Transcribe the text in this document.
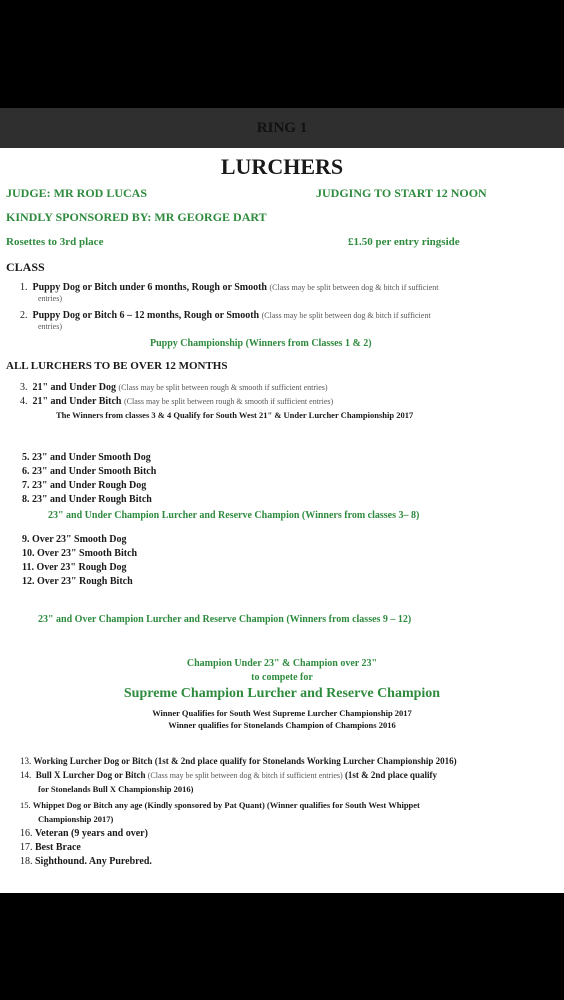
RING 1
LURCHERS
JUDGE: MR ROD LUCAS	JUDGING TO START 12 NOON
KINDLY SPONSORED BY: MR GEORGE DART
Rosettes to 3rd place	£1.50 per entry ringside
CLASS
1. Puppy Dog or Bitch under 6 months, Rough or Smooth (Class may be split between dog & bitch if sufficient
entries)
2. Puppy Dog or Bitch 6 – 12 months, Rough or Smooth (Class may be split between dog & bitch if sufficient
entries)
Puppy Championship (Winners from Classes 1 & 2)
ALL LURCHERS TO BE OVER 12 MONTHS
3. 21" and Under Dog (Class may be split between rough & smooth if sufficient entries)
4. 21" and Under Bitch (Class may be split between rough & smooth if sufficient entries)
The Winners from classes 3 & 4 Qualify for South West 21" & Under Lurcher Championship 2017
5. 23" and Under Smooth Dog
6. 23" and Under Smooth Bitch
7. 23" and Under Rough Dog
8. 23" and Under Rough Bitch
23" and Under Champion Lurcher and Reserve Champion (Winners from classes 3– 8)
9. Over 23" Smooth Dog
10. Over 23" Smooth Bitch
11. Over 23" Rough Dog
12. Over 23" Rough Bitch
23" and Over Champion Lurcher and Reserve Champion (Winners from classes 9 – 12)
Champion Under 23" & Champion over 23"
to compete for
Supreme Champion Lurcher and Reserve Champion
Winner Qualifies for South West Supreme Lurcher Championship 2017
Winner qualifies for Stonelands Champion of Champions 2016
13. Working Lurcher Dog or Bitch (1st & 2nd place qualify for Stonelands Working Lurcher Championship 2016)
14. Bull X Lurcher Dog or Bitch (Class may be split between dog & bitch if sufficient entries) (1st & 2nd place qualify
for Stonelands Bull X Championship 2016)
15. Whippet Dog or Bitch any age (Kindly sponsored by Pat Quant) (Winner qualifies for South West Whippet
Championship 2017)
16. Veteran (9 years and over)
17. Best Brace
18. Sighthound. Any Purebred.
